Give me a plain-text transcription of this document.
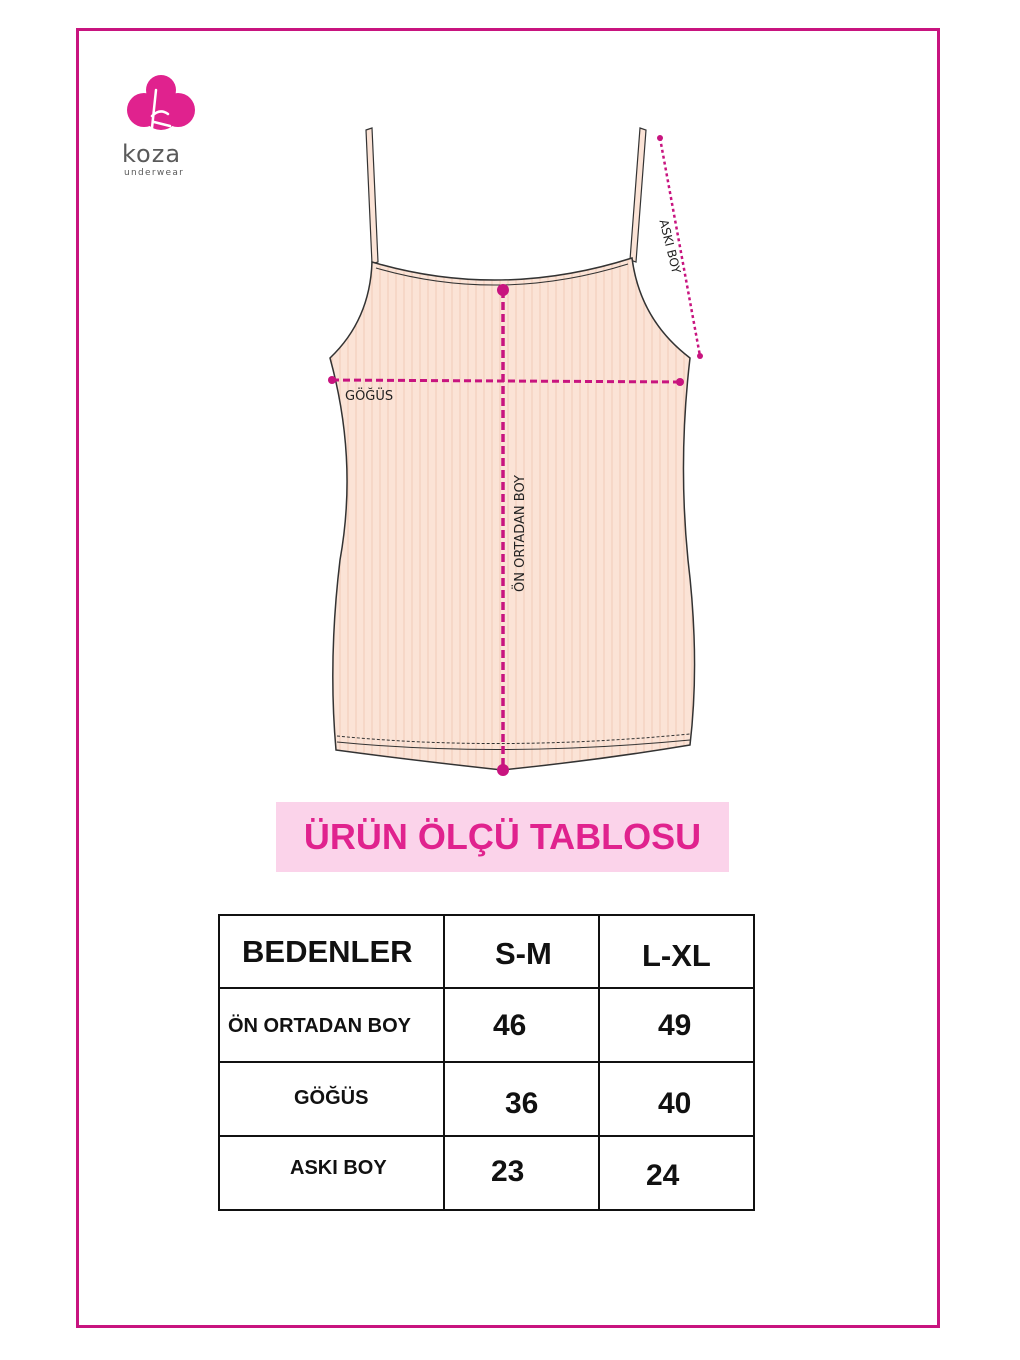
koza
underwear
GÖĞÜS
ÖN ORTADAN BOY
ASKI BOY
ÜRÜN ÖLÇÜ TABLOSU
BEDENLER	S-M	L-XL

ÖN ORTADAN BOY	46	49

GÖĞÜS	36	40

ASKI BOY	23	24
